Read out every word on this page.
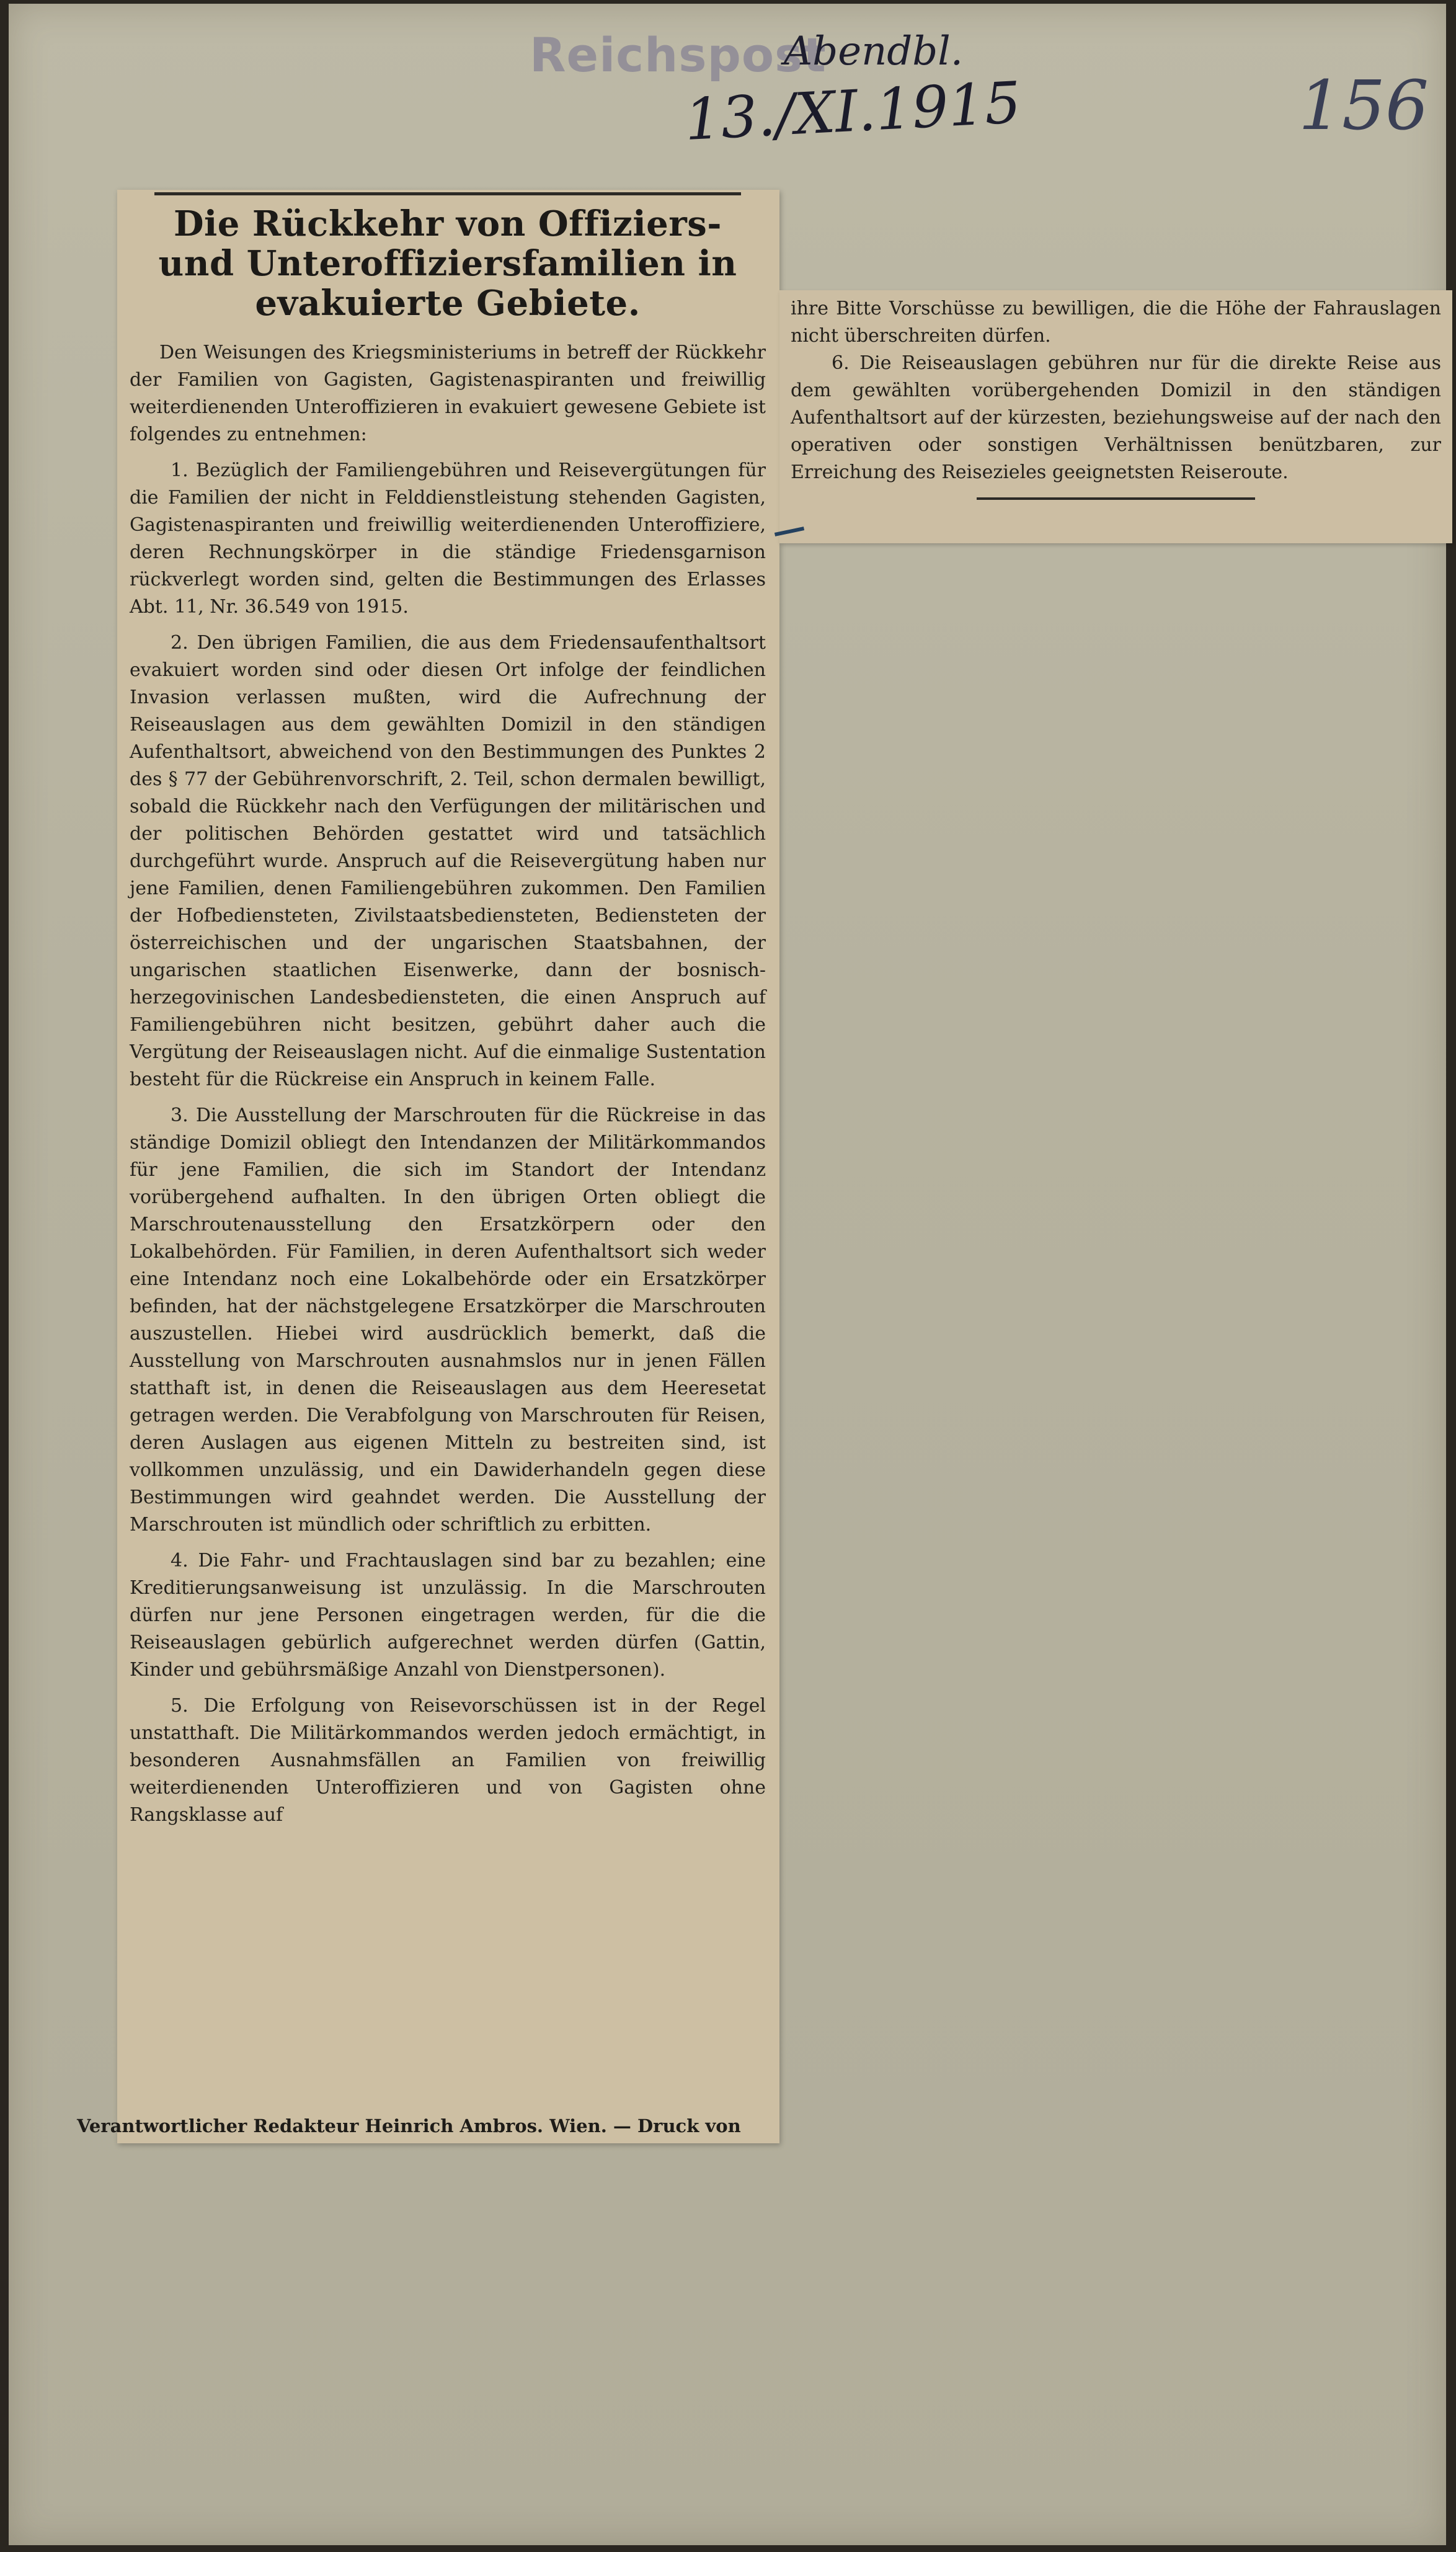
Reichspost
Abendbl.
13./XI.1915	156
Die Rückkehr von Offiziers- und Unteroffiziersfamilien in evakuierte Gebiete.

Den Weisungen des Kriegsministeriums in betreff der Rückkehr der Familien von Gagisten, Gagistenaspiranten und freiwillig weiterdienenden Unteroffizieren in evakuiert gewesene Gebiete ist folgendes zu entnehmen:

1. Bezüglich der Familiengebühren und Reisevergütungen für die Familien der nicht in Felddienstleistung stehenden Gagisten, Gagistenaspiranten und freiwillig weiterdienenden Unteroffiziere, deren Rechnungskörper in die ständige Friedensgarnison rückverlegt worden sind, gelten die Bestimmungen des Erlasses Abt. 11, Nr. 36.549 von 1915.

2. Den übrigen Familien, die aus dem Friedensaufenthaltsort evakuiert worden sind oder diesen Ort infolge der feindlichen Invasion verlassen mußten, wird die Aufrechnung der Reiseauslagen aus dem gewählten Domizil in den ständigen Aufenthaltsort, abweichend von den Bestimmungen des Punktes 2 des § 77 der Gebührenvorschrift, 2. Teil, schon dermalen bewilligt, sobald die Rückkehr nach den Verfügungen der militärischen und der politischen Behörden gestattet wird und tatsächlich durchgeführt wurde. Anspruch auf die Reisevergütung haben nur jene Familien, denen Familiengebühren zukommen. Den Familien der Hofbediensteten, Zivilstaatsbediensteten, Bediensteten der österreichischen und der ungarischen Staatsbahnen, der ungarischen staatlichen Eisenwerke, dann der bosnisch-herzegovinischen Landesbediensteten, die einen Anspruch auf Familiengebühren nicht besitzen, gebührt daher auch die Vergütung der Reiseauslagen nicht. Auf die einmalige Sustentation besteht für die Rückreise ein Anspruch in keinem Falle.

3. Die Ausstellung der Marschrouten für die Rückreise in das ständige Domizil obliegt den Intendanzen der Militärkommandos für jene Familien, die sich im Standort der Intendanz vorübergehend aufhalten. In den übrigen Orten obliegt die Marschroutenausstellung den Ersatzkörpern oder den Lokalbehörden. Für Familien, in deren Aufenthaltsort sich weder eine Intendanz noch eine Lokalbehörde oder ein Ersatzkörper befinden, hat der nächstgelegene Ersatzkörper die Marschrouten auszustellen. Hiebei wird ausdrücklich bemerkt, daß die Ausstellung von Marschrouten ausnahmslos nur in jenen Fällen statthaft ist, in denen die Reiseauslagen aus dem Heeresetat getragen werden. Die Verabfolgung von Marschrouten für Reisen, deren Auslagen aus eigenen Mitteln zu bestreiten sind, ist vollkommen unzulässig, und ein Dawiderhandeln gegen diese Bestimmungen wird geahndet werden. Die Ausstellung der Marschrouten ist mündlich oder schriftlich zu erbitten.

4. Die Fahr- und Frachtauslagen sind bar zu bezahlen; eine Kreditierungsanweisung ist unzulässig. In die Marschrouten dürfen nur jene Personen eingetragen werden, für die die Reiseauslagen gebürlich aufgerechnet werden dürfen (Gattin, Kinder und gebührsmäßige Anzahl von Dienstpersonen).

5. Die Erfolgung von Reisevorschüssen ist in der Regel unstatthaft. Die Militärkommandos werden jedoch ermächtigt, in besonderen Ausnahmsfällen an Familien von freiwillig weiterdienenden Unteroffizieren und von Gagisten ohne Rangsklasse auf

Verantwortlicher Redakteur Heinrich Ambros. Wien. — Druck von

ihre Bitte Vorschüsse zu bewilligen, die die Höhe der Fahrauslagen nicht überschreiten dürfen.

6. Die Reiseauslagen gebühren nur für die direkte Reise aus dem gewählten vorübergehenden Domizil in den ständigen Aufenthaltsort auf der kürzesten, beziehungsweise auf der nach den operativen oder sonstigen Verhältnissen benützbaren, zur Erreichung des Reisezieles geeignetsten Reiseroute.
